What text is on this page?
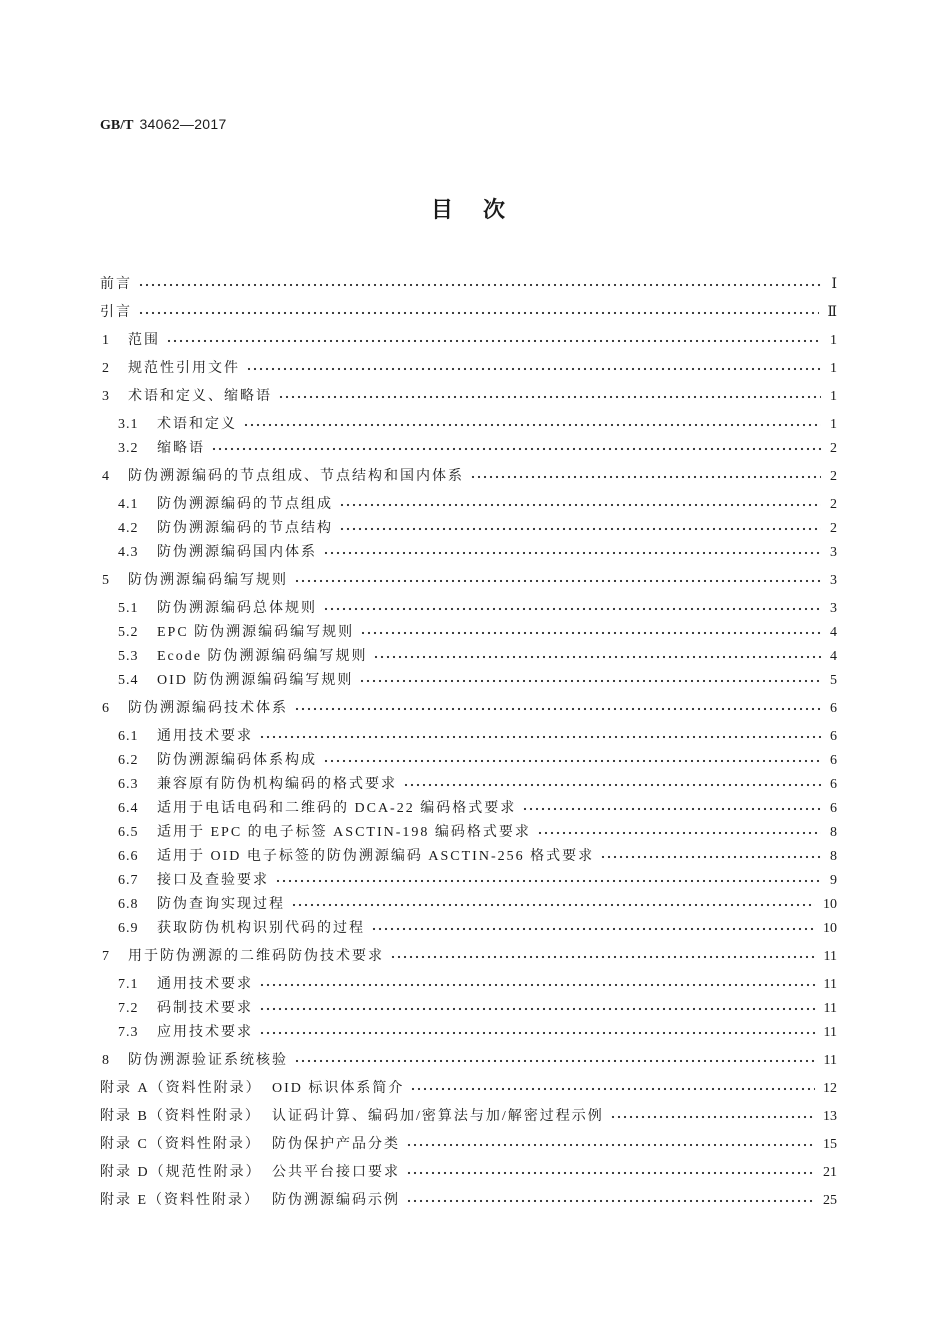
GB/T 34062—2017
目　次
前言	Ⅰ
引言	Ⅱ
1	范围	1
2	规范性引用文件	1
3	术语和定义、缩略语	1
3.1	术语和定义	1
3.2	缩略语	2
4	防伪溯源编码的节点组成、节点结构和国内体系	2
4.1	防伪溯源编码的节点组成	2
4.2	防伪溯源编码的节点结构	2
4.3	防伪溯源编码国内体系	3
5	防伪溯源编码编写规则	3
5.1	防伪溯源编码总体规则	3
5.2	EPC 防伪溯源编码编写规则	4
5.3	Ecode 防伪溯源编码编写规则	4
5.4	OID 防伪溯源编码编写规则	5
6	防伪溯源编码技术体系	6
6.1	通用技术要求	6
6.2	防伪溯源编码体系构成	6
6.3	兼容原有防伪机构编码的格式要求	6
6.4	适用于电话电码和二维码的 DCA-22 编码格式要求	6
6.5	适用于 EPC 的电子标签 ASCTIN-198 编码格式要求	8
6.6	适用于 OID 电子标签的防伪溯源编码 ASCTIN-256 格式要求	8
6.7	接口及查验要求	9
6.8	防伪查询实现过程	10
6.9	获取防伪机构识别代码的过程	10
7	用于防伪溯源的二维码防伪技术要求	11
7.1	通用技术要求	11
7.2	码制技术要求	11
7.3	应用技术要求	11
8	防伪溯源验证系统核验	11
附录 A（资料性附录） OID 标识体系简介	12
附录 B（资料性附录） 认证码计算、编码加/密算法与加/解密过程示例	13
附录 C（资料性附录） 防伪保护产品分类	15
附录 D（规范性附录） 公共平台接口要求	21
附录 E（资料性附录） 防伪溯源编码示例	25
